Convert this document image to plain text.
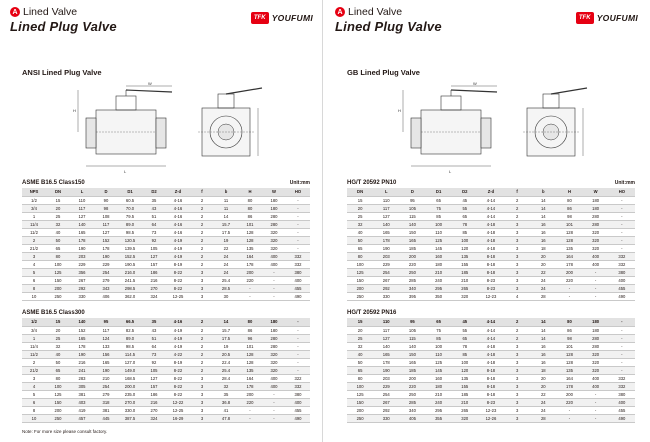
A Lined Valve
Lined Plug Valve
TFK YOUFUMI
ANSI Lined Plug Valve
W
H
L
ASME B16.5 Class150	Unit:mm
NPS	DN	L	D	D1	D2	Z-d	f	b	H	W	HO
1/2	15	110	90	60.5	35	4-16	2	11	80	180	-
3/4	20	117	98	70.0	43	4-16	2	11	80	180	-
1	25	127	108	79.5	51	4-16	2	14	86	280	-
11/4	32	140	117	89.0	64	4-16	2	15.7	101	280	-
11/2	40	165	127	98.5	73	4-16	2	17.5	128	320	-
2	50	178	152	120.5	92	4-19	2	19	128	320	-
21/2	65	190	178	139.5	105	4-19	2	22	135	320	-
3	80	203	190	152.5	127	4-19	2	24	164	400	332
4	100	229	229	190.5	157	8-19	2	24	178	400	332
5	125	356	254	216.0	186	8-22	3	24	200	-	380
6	150	267	279	241.5	216	8-22	3	25.4	220	-	400
8	200	292	343	298.5	270	8-22	3	28.5	-	-	455
10	250	330	406	362.0	324	12-25	3	30	-	-	490
ASME B16.5 Class300
1/2	15	140	95	66.5	35	4-16	2	14	80	180	-
3/4	20	152	117	82.5	43	4-19	2	15.7	86	180	-
1	25	165	124	89.0	51	4-19	2	17.5	96	280	-
11/4	32	178	133	98.5	64	4-19	2	19	101	280	-
11/2	40	190	156	114.5	73	4-22	2	20.5	128	320	-
2	50	216	165	127.0	92	8-19	2	22.4	128	320	-
21/2	65	241	190	149.0	105	8-22	2	25.4	135	320	-
3	80	283	210	168.5	127	8-22	3	28.4	164	400	322
4	100	305	254	200.0	157	8-22	3	32	178	400	332
5	125	381	279	235.0	186	8-22	3	35	200	-	380
6	150	403	318	270.0	216	12-22	3	36.8	220	-	400
8	200	419	381	330.0	270	12-25	3	41	-	-	455
10	250	457	445	387.5	324	16-29	3	47.8	-	-	490
Note: For more size please consult factory.
A Lined Valve
Lined Plug Valve
TFK YOUFUMI
GB Lined Plug Valve
W
H
L
HG/T 20592 PN10	Unit:mm
DN	L	D	D1	D2	Z-d	f	b	H	W	HO
15	110	95	65	45	4-14	2	14	80	180	-
20	117	105	75	55	4-14	2	14	86	180	-
25	127	115	85	65	4-14	2	14	98	280	-
32	140	140	100	78	4-18	3	16	101	280	-
40	165	150	110	85	4-18	3	16	128	320	-
50	178	165	125	100	4-18	3	16	128	320	-
65	190	185	145	120	4-18	3	18	135	320	-
80	203	200	160	135	8-18	3	20	164	400	332
100	229	220	180	155	8-18	3	20	178	400	332
125	254	250	210	185	8-18	3	22	200	-	380
150	267	285	240	210	8-23	3	24	220	-	400
200	292	340	295	265	8-23	3	24	-	-	455
250	330	395	350	320	12-23	4	28	-	-	490
HG/T 20592 PN16
15	110	95	65	45	4-14	2	14	80	180	-
20	117	105	75	55	4-14	2	14	86	180	-
25	127	115	85	65	4-14	2	14	98	280	-
32	140	140	100	78	4-18	3	16	101	280	-
40	165	150	110	85	4-18	3	16	128	320	-
50	178	165	125	100	4-18	3	16	128	320	-
65	190	185	145	120	8-18	3	18	135	320	-
80	203	200	160	135	8-18	3	20	164	400	332
100	229	220	180	155	8-18	3	20	178	400	332
125	254	250	210	185	8-18	3	22	200	-	380
150	267	285	240	210	8-23	3	24	220	-	400
200	292	340	295	265	12-23	3	24	-	-	455
250	330	405	355	320	12-26	3	28	-	-	490
